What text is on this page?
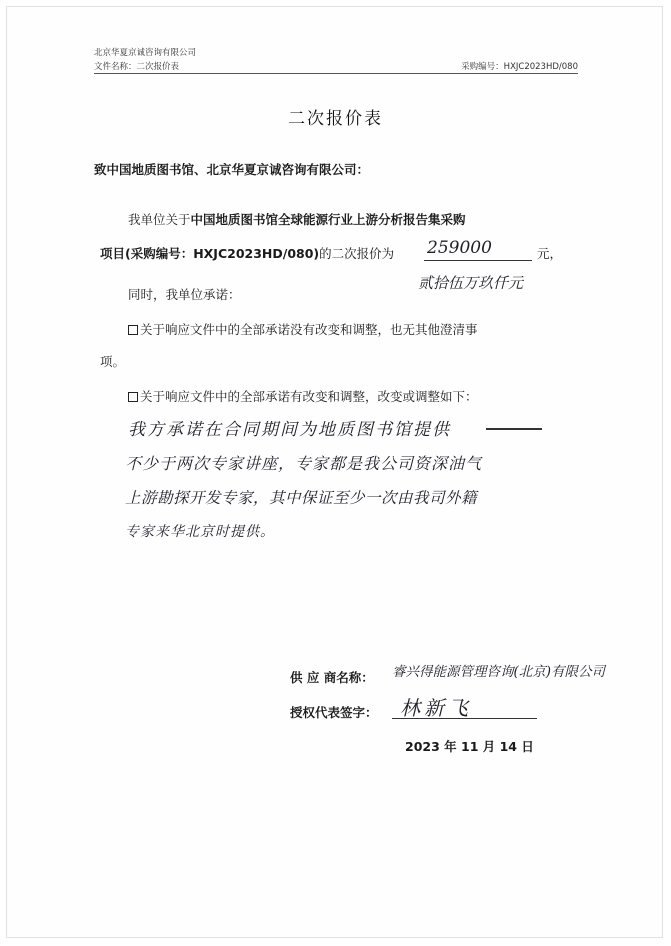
北京华夏京诚咨询有限公司
文件名称：二次报价表	采购编号：HXJC2023HD/080
二次报价表
致中国地质图书馆、北京华夏京诚咨询有限公司：
我单位关于中国地质图书馆全球能源行业上游分析报告集采购
项目(采购编号：HXJC2023HD/080)的二次报价为 259000	元，
贰拾伍万玖仟元
同时，我单位承诺：
关于响应文件中的全部承诺没有改变和调整，也无其他澄清事
项。
关于响应文件中的全部承诺有改变和调整，改变或调整如下：
我方承诺在合同期间为地质图书馆提供
不少于两次专家讲座，专家都是我公司资深油气
上游勘探开发专家，其中保证至少一次由我司外籍
专家来华北京时提供。
供 应 商名称： 睿兴得能源管理咨询(北京)有限公司
授权代表签字： 林新飞
2023 年 11 月 14 日
